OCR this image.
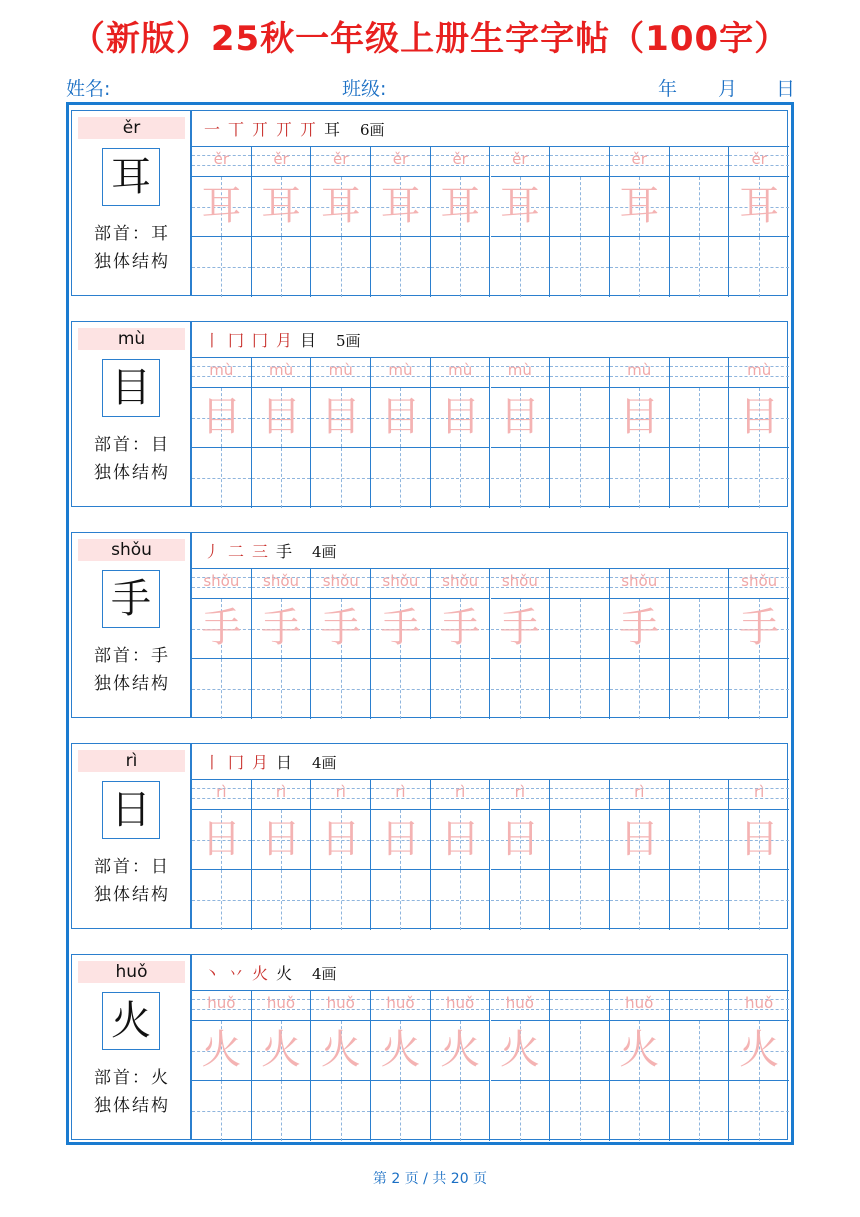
（新版）25秋一年级上册生字字帖（100字）
姓名:	班级:	年 月 日
ěr
耳
部首：耳
独体结构
一 丅 丌 丌 丌 耳 6画
ěr
耳
ěr
耳
ěr
耳
ěr
耳
ěr
耳
ěr
耳
ěr
耳
ěr
耳
mù
目
部首：目
独体结构
丨 冂 冂 月 目 5画
mù
目
mù
目
mù
目
mù
目
mù
目
mù
目
mù
目
mù
目
shǒu
手
部首：手
独体结构
丿 二 三 手 4画
shǒu
手
shǒu
手
shǒu
手
shǒu
手
shǒu
手
shǒu
手
shǒu
手
shǒu
手
rì
日
部首：日
独体结构
丨 冂 月 日 4画
rì
日
rì
日
rì
日
rì
日
rì
日
rì
日
rì
日
rì
日
huǒ
火
部首：火
独体结构
丶 丷 火 火 4画
huǒ
火
huǒ
火
huǒ
火
huǒ
火
huǒ
火
huǒ
火
huǒ
火
huǒ
火
第 2 页 / 共 20 页
